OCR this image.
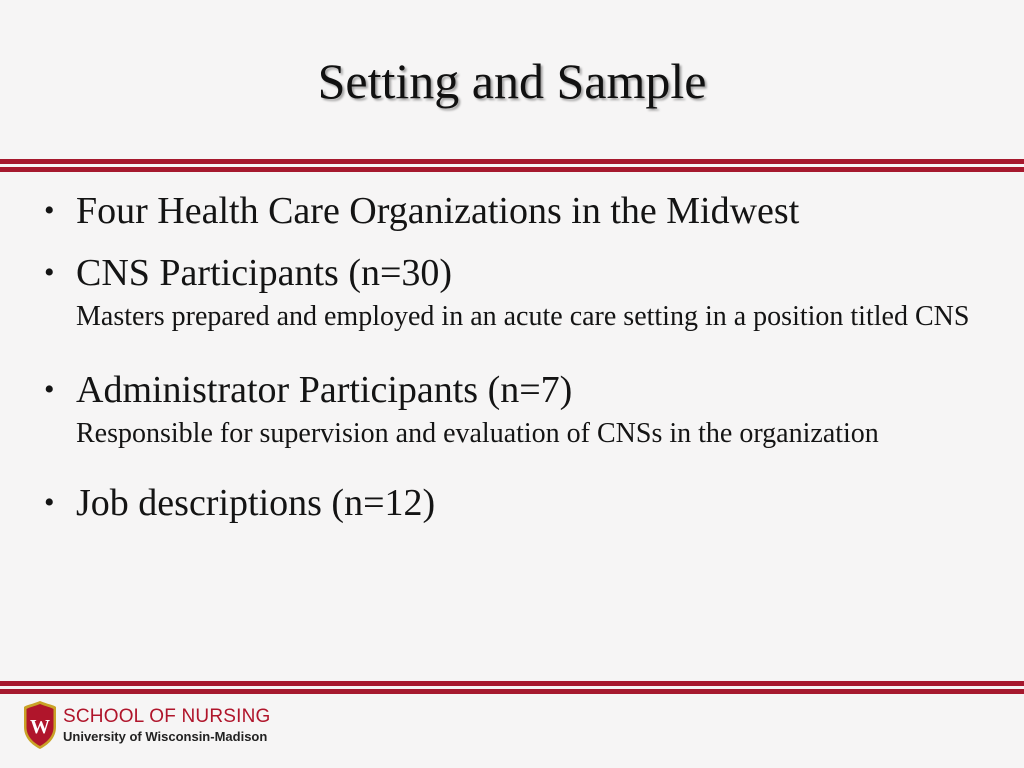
Setting and Sample
• Four Health Care Organizations in the Midwest
• CNS Participants (n=30)
Masters prepared and employed in an acute care setting in a position titled CNS
• Administrator Participants (n=7)
Responsible for supervision and evaluation of CNSs in the organization
• Job descriptions (n=12)
W SCHOOL OF NURSING
University of Wisconsin-Madison
